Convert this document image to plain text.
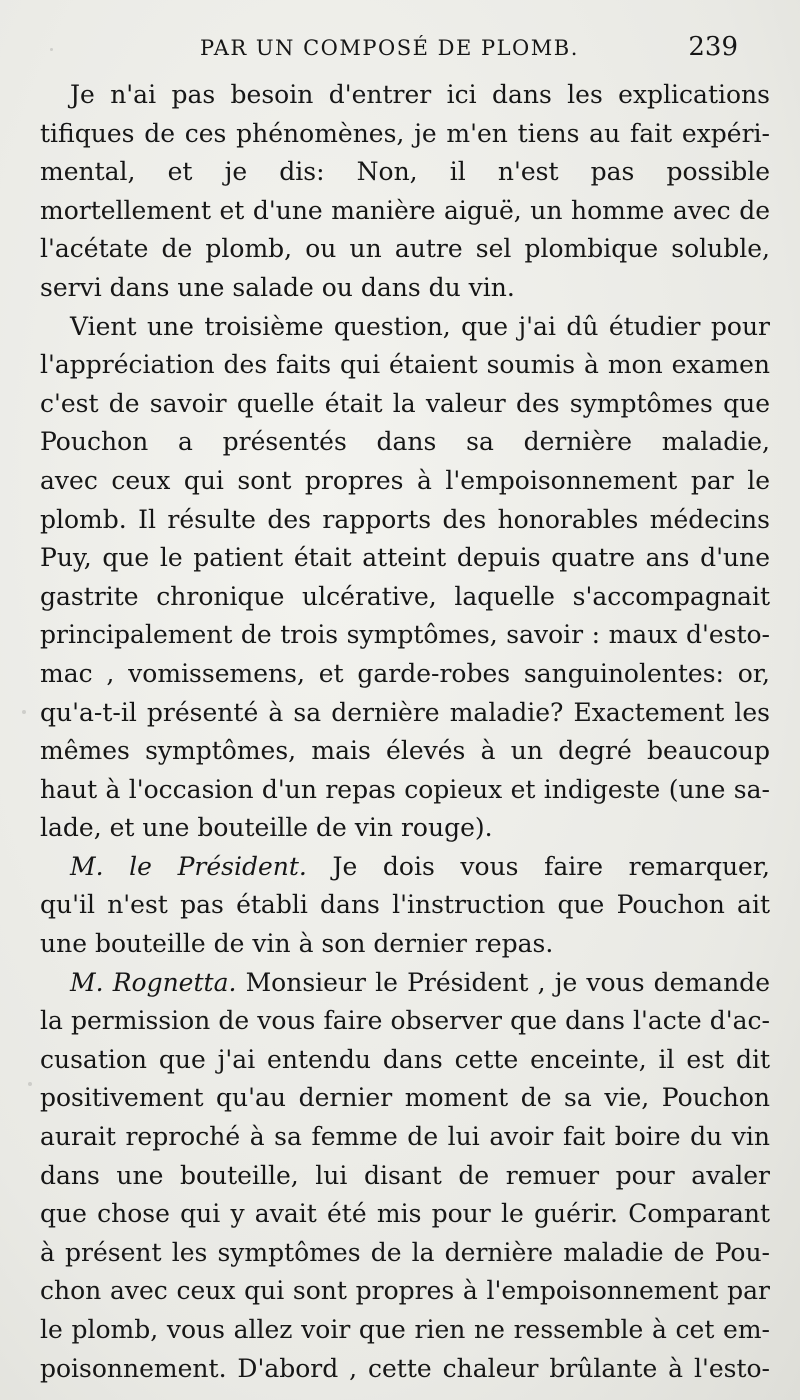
PAR UN COMPOSÉ DE PLOMB.	239
Je n'ai pas besoin d'entrer ici dans les explications
tifiques de ces phénomènes, je m'en tiens au fait expéri-
mental, et je dis: Non, il n'est pas possible
mortellement et d'une manière aiguë, un homme avec de
l'acétate de plomb, ou un autre sel plombique soluble,
servi dans une salade ou dans du vin.
Vient une troisième question, que j'ai dû étudier pour
l'appréciation des faits qui étaient soumis à mon examen
c'est de savoir quelle était la valeur des symptômes que
Pouchon a présentés dans sa dernière maladie,
avec ceux qui sont propres à l'empoisonnement par le
plomb. Il résulte des rapports des honorables médecins
Puy, que le patient était atteint depuis quatre ans d'une
gastrite chronique ulcérative, laquelle s'accompagnait
principalement de trois symptômes, savoir : maux d'esto-
mac , vomissemens, et garde-robes sanguinolentes: or,
qu'a-t-il présenté à sa dernière maladie? Exactement les
mêmes symptômes, mais élevés à un degré beaucoup
haut à l'occasion d'un repas copieux et indigeste (une sa-
lade, et une bouteille de vin rouge).
M. le Président. Je dois vous faire remarquer,
qu'il n'est pas établi dans l'instruction que Pouchon ait
une bouteille de vin à son dernier repas.
M. Rognetta. Monsieur le Président , je vous demande
la permission de vous faire observer que dans l'acte d'ac-
cusation que j'ai entendu dans cette enceinte, il est dit
positivement qu'au dernier moment de sa vie, Pouchon
aurait reproché à sa femme de lui avoir fait boire du vin
dans une bouteille, lui disant de remuer pour avaler
que chose qui y avait été mis pour le guérir. Comparant
à présent les symptômes de la dernière maladie de Pou-
chon avec ceux qui sont propres à l'empoisonnement par
le plomb, vous allez voir que rien ne ressemble à cet em-
poisonnement. D'abord , cette chaleur brûlante à l'esto-
